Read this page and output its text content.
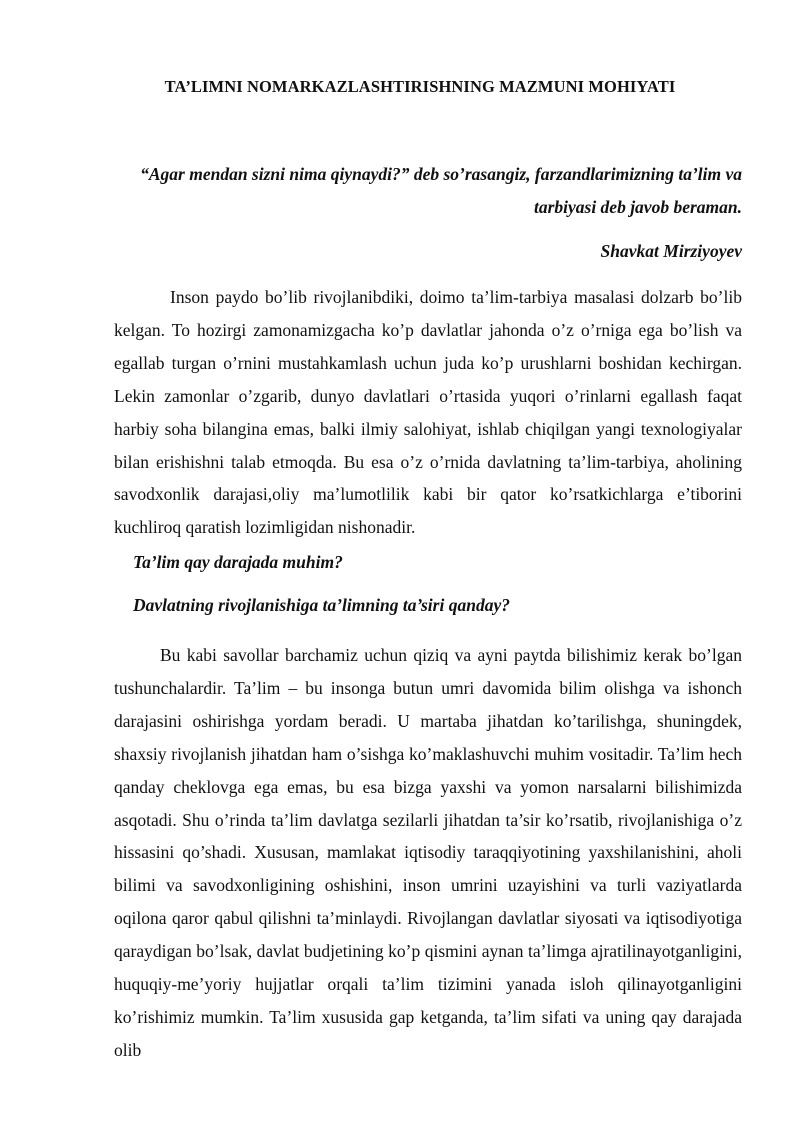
TA’LIMNI NOMARKAZLASHTIRISHNING MAZMUNI MOHIYATI

“Agar mendan sizni nima qiynaydi?” deb so’rasangiz, farzandlarimizning ta’lim va tarbiyasi deb javob beraman.

Shavkat Mirziyoyev

Inson paydo bo’lib rivojlanibdiki, doimo ta’lim-tarbiya masalasi dolzarb bo’lib kelgan. To hozirgi zamonamizgacha ko’p davlatlar jahonda o’z o’rniga ega bo’lish va egallab turgan o’rnini mustahkamlash uchun juda ko’p urushlarni boshidan kechirgan. Lekin zamonlar o’zgarib, dunyo davlatlari o’rtasida yuqori o’rinlarni egallash faqat harbiy soha bilangina emas, balki ilmiy salohiyat, ishlab chiqilgan yangi texnologiyalar bilan erishishni talab etmoqda. Bu esa o’z o’rnida davlatning ta’lim-tarbiya, aholining savodxonlik darajasi,oliy ma’lumotlilik kabi bir qator ko’rsatkichlarga e’tiborini kuchliroq qaratish lozimligidan nishonadir.

Ta’lim qay darajada muhim?

Davlatning rivojlanishiga ta’limning ta’siri qanday?

Bu kabi savollar barchamiz uchun qiziq va ayni paytda bilishimiz kerak bo’lgan tushunchalardir. Ta’lim – bu insonga butun umri davomida bilim olishga va ishonch darajasini oshirishga yordam beradi. U martaba jihatdan ko’tarilishga, shuningdek, shaxsiy rivojlanish jihatdan ham o’sishga ko’maklashuvchi muhim vositadir. Ta’lim hech qanday cheklovga ega emas, bu esa bizga yaxshi va yomon narsalarni bilishimizda asqotadi. Shu o’rinda ta’lim davlatga sezilarli jihatdan ta’sir ko’rsatib, rivojlanishiga o’z hissasini qo’shadi. Xususan, mamlakat iqtisodiy taraqqiyotining yaxshilanishini, aholi bilimi va savodxonligining oshishini, inson umrini uzayishini va turli vaziyatlarda oqilona qaror qabul qilishni ta’minlaydi. Rivojlangan davlatlar siyosati va iqtisodiyotiga qaraydigan bo’lsak, davlat budjetining ko’p qismini aynan ta’limga ajratilinayotganligini, huquqiy-me’yoriy hujjatlar orqali ta’lim tizimini yanada isloh qilinayotganligini ko’rishimiz mumkin. Ta’lim xususida gap ketganda, ta’lim sifati va uning qay darajada olib
